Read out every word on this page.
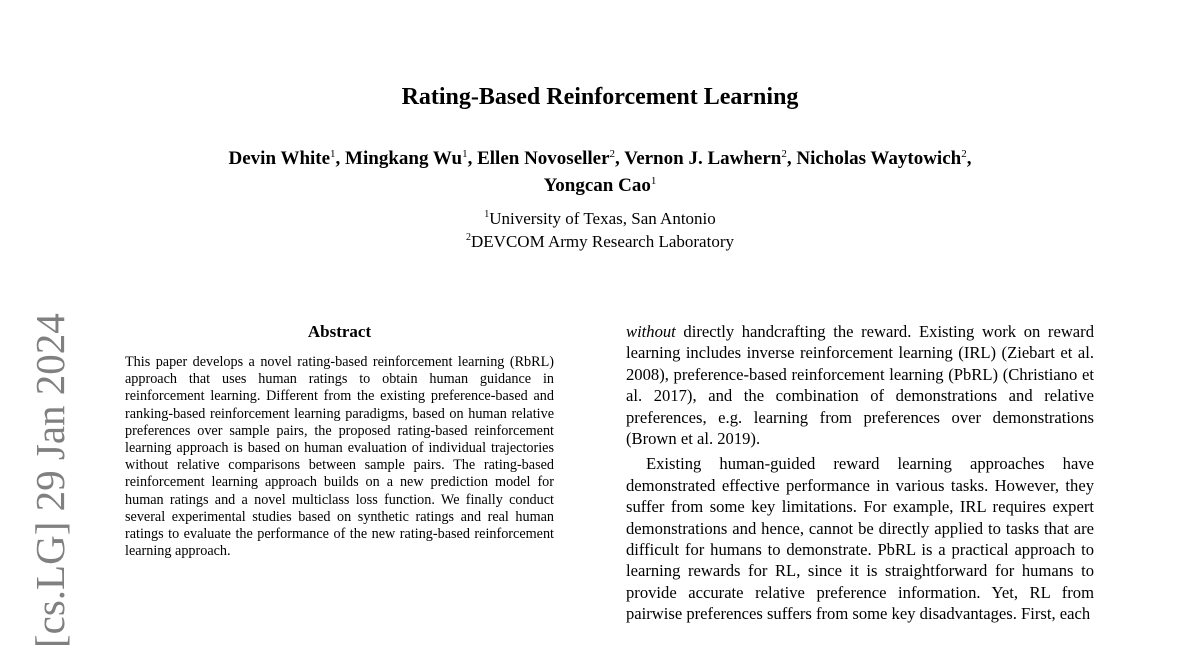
Rating-Based Reinforcement Learning
Devin White$^1$, Mingkang Wu$^1$, Ellen Novoseller$^2$, Vernon J. Lawhern$^2$, Nicholas Waytowich$^2$,
Yongcan Cao$^1$
$^1$University of Texas, San Antonio
$^2$DEVCOM Army Research Laboratory
[cs.LG] 29 Jan 2024	Abstract

This paper develops a novel rating-based reinforcement learning (RbRL) approach that uses human ratings to obtain human guidance in reinforcement learning. Different from the existing preference-based and ranking-based reinforcement learning paradigms, based on human relative preferences over sample pairs, the proposed rating-based reinforcement learning approach is based on human evaluation of individual trajectories without relative comparisons between sample pairs. The rating-based reinforcement learning approach builds on a new prediction model for human ratings and a novel multiclass loss function. We finally conduct several experimental studies based on synthetic ratings and real human ratings to evaluate the performance of the new rating-based reinforcement learning approach.

without directly handcrafting the reward. Existing work on reward learning includes inverse reinforcement learning (IRL) (Ziebart et al. 2008), preference-based reinforcement learning (PbRL) (Christiano et al. 2017), and the combination of demonstrations and relative preferences, e.g. learning from preferences over demonstrations (Brown et al. 2019).

Existing human-guided reward learning approaches have demonstrated effective performance in various tasks. However, they suffer from some key limitations. For example, IRL requires expert demonstrations and hence, cannot be directly applied to tasks that are difficult for humans to demonstrate. PbRL is a practical approach to learning rewards for RL, since it is straightforward for humans to provide accurate relative preference information. Yet, RL from pairwise preferences suffers from some key disadvantages. First, each
